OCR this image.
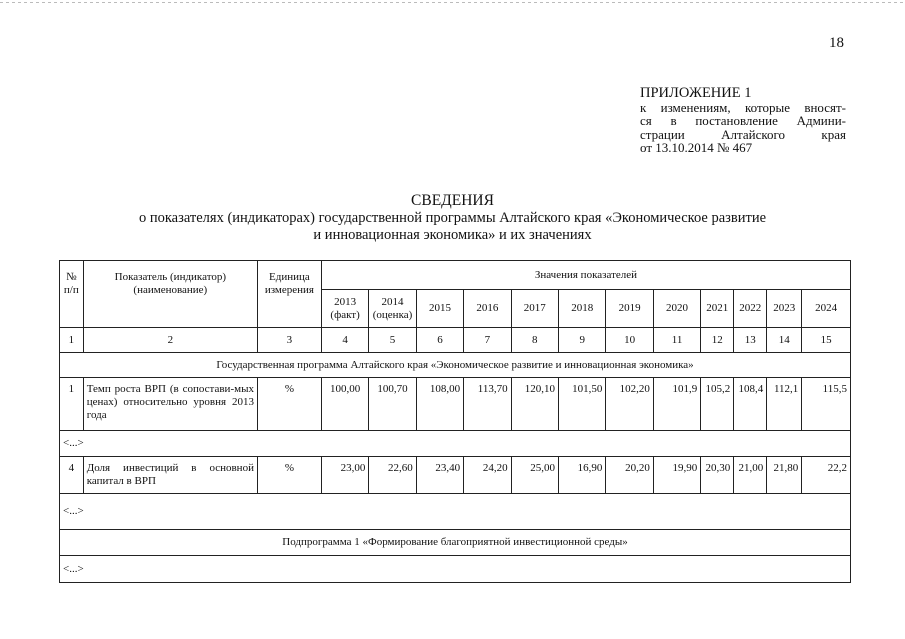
18
ПРИЛОЖЕНИЕ 1
к изменениям, которые вносят-
ся в постановление Админи-
страции Алтайского края
от 13.10.2014 № 467
СВЕДЕНИЯ
о показателях (индикаторах) государственной программы Алтайского края «Экономическое развитие
и инновационная экономика» и их значениях
№ п/п	Показатель (индикатор) (наименование)	Единица измерения	Значения показателей											
			2013 (факт)	2014 (оценка)	2015	2016	2017	2018	2019	2020	2021	2022	2023	2024
1	2	3	4	5	6	7	8	9	10	11	12	13	14	15
Государственная программа Алтайского края «Экономическое развитие и инновационная экономика»														
1	Темп роста ВРП (в сопостави-мых ценах) относительно уровня 2013 года	%	100,00	100,70	108,00	113,70	120,10	101,50	102,20	101,9	105,2	108,4	112,1	115,5
<...>														
4	Доля инвестиций в основной капитал в ВРП	%	23,00	22,60	23,40	24,20	25,00	16,90	20,20	19,90	20,30	21,00	21,80	22,2
<...>														
Подпрограмма 1 «Формирование благоприятной инвестиционной среды»														
<...>														
